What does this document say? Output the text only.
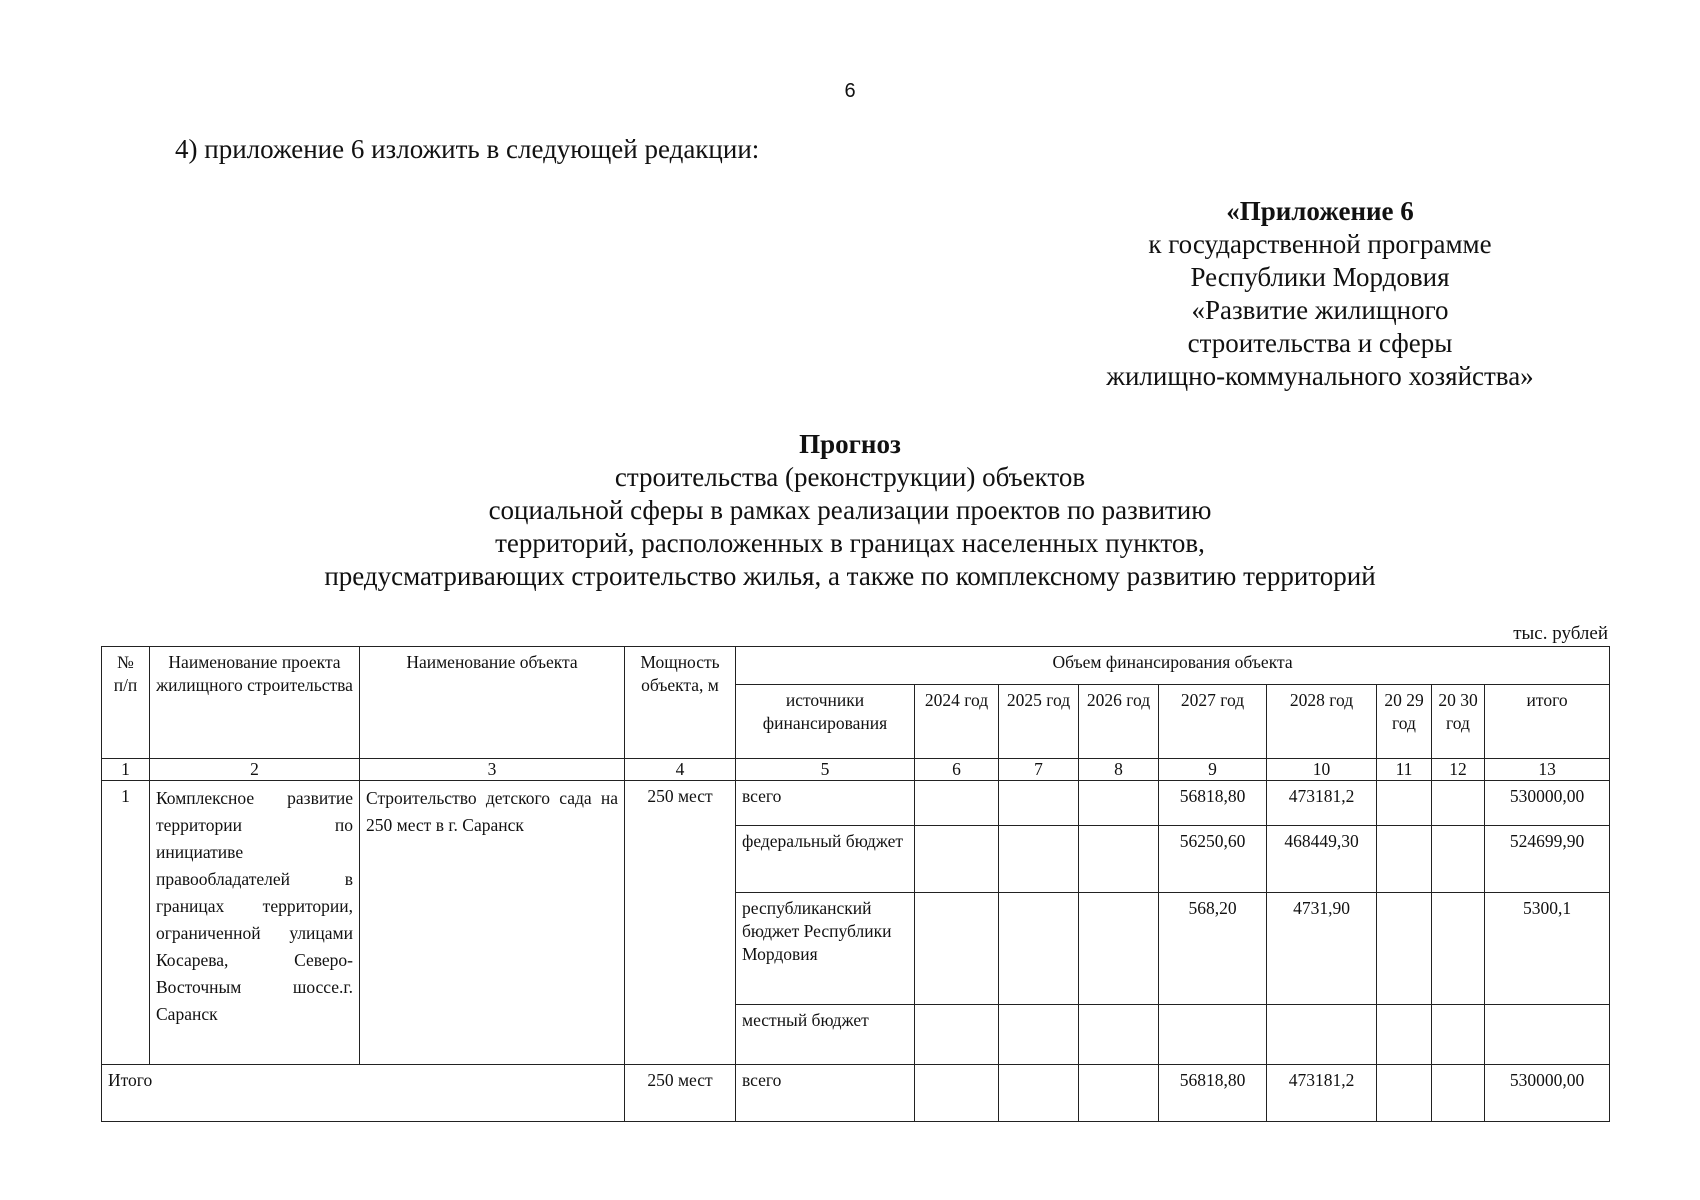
6
4) приложение 6 изложить в следующей редакции:
«Приложение 6
к государственной программе
Республики Мордовия
«Развитие жилищного
строительства и сферы
жилищно-коммунального хозяйства»
Прогноз
строительства (реконструкции) объектов
социальной сферы в рамках реализации проектов по развитию
территорий, расположенных в границах населенных пунктов,
предусматривающих строительство жилья, а также по комплексному развитию территорий
тыс. рублей
№ п/п	Наименование проекта жилищного строительства	Наименование объекта	Мощность объекта, м	Объем финансирования объекта								
				источники финансирования	2024 год	2025 год	2026 год	2027 год	2028 год	20 29 год	20 30 год	итого
1	2	3	4	5	6	7	8	9	10	11	12	13
1	Комплексное развитие территории по инициативе правообладателей в границах территории, ограниченной улицами Косарева, Северо-Восточным шоссе.г. Саранск	Строительство детского сада на 250 мест в г. Саранск	250 мест	всего				56818,80	473181,2			530000,00
				федеральный бюджет				56250,60	468449,30			524699,90
				республиканский бюджет Республики Мордовия				568,20	4731,90			5300,1
				местный бюджет								
Итого			250 мест	всего				56818,80	473181,2			530000,00
